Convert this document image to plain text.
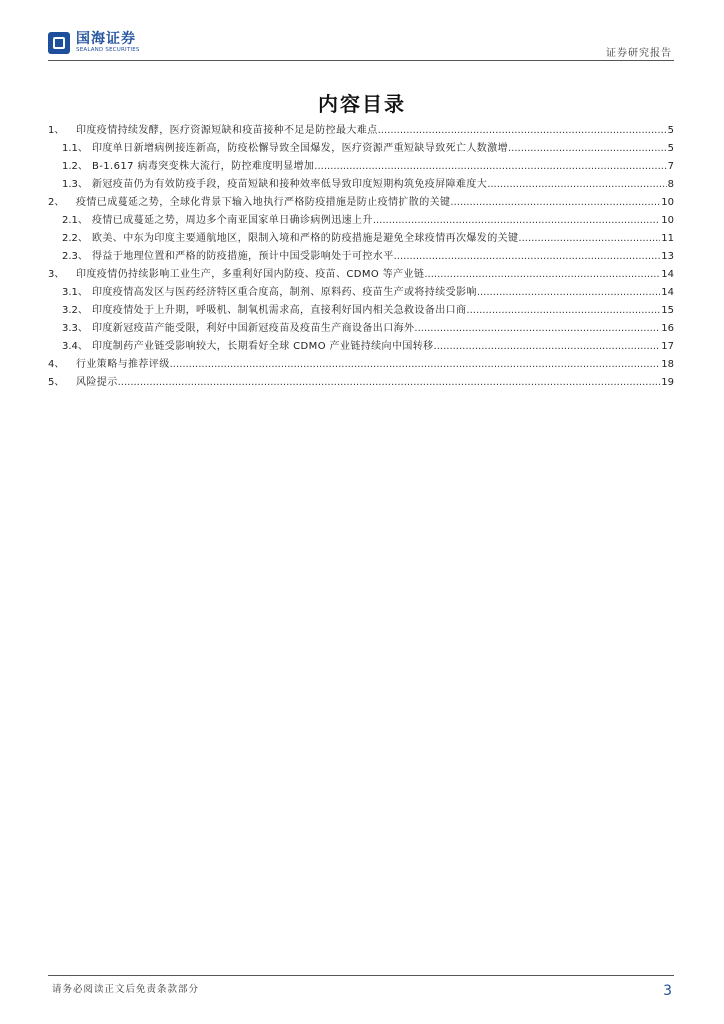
国海证券
SEALAND SECURITIES	证券研究报告
内容目录
1、	印度疫情持续发酵，医疗资源短缺和疫苗接种不足是防控最大难点 .....	5
1.1、 印度单日新增病例接连新高，防疫松懈导致全国爆发，医疗资源严重短缺导致死亡人数激增 .....	5
1.2、 B-1.617 病毒突变株大流行，防控难度明显增加 .....	7
1.3、 新冠疫苗仍为有效防疫手段，疫苗短缺和接种效率低导致印度短期构筑免疫屏障难度大 .....	8
2、	疫情已成蔓延之势，全球化背景下输入地执行严格防疫措施是防止疫情扩散的关键 .....	10
2.1、 疫情已成蔓延之势，周边多个南亚国家单日确诊病例迅速上升 .....	10
2.2、 欧美、中东为印度主要通航地区，限制入境和严格的防疫措施是避免全球疫情再次爆发的关键 .....	11
2.3、 得益于地理位置和严格的防疫措施，预计中国受影响处于可控水平 .....	13
3、	印度疫情仍持续影响工业生产，多重利好国内防疫、疫苗、CDMO 等产业链 .....	14
3.1、 印度疫情高发区与医药经济特区重合度高，制剂、原料药、疫苗生产或将持续受影响 .....	14
3.2、 印度疫情处于上升期，呼吸机、制氧机需求高，直接利好国内相关急救设备出口商 .....	15
3.3、 印度新冠疫苗产能受限，利好中国新冠疫苗及疫苗生产商设备出口海外 .....	16
3.4、 印度制药产业链受影响较大，长期看好全球 CDMO 产业链持续向中国转移 .....	17
4、	行业策略与推荐评级 .....	18
5、	风险提示 .....	19
请务必阅读正文后免责条款部分	3
